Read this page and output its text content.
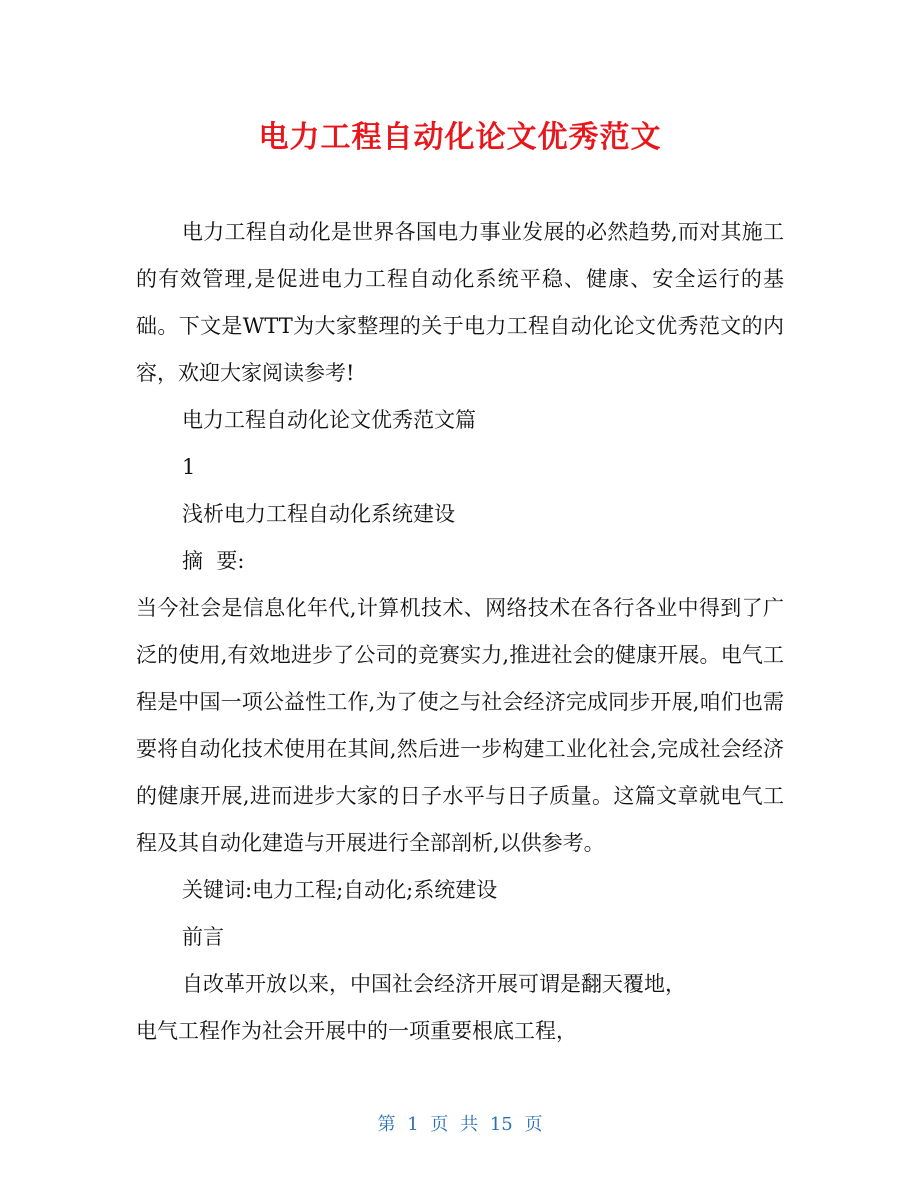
电力工程自动化论文优秀范文

电力工程自动化是世界各国电力事业发展的必然趋势,而对其施工的有效管理,是促进电力工程自动化系统平稳、健康、安全运行的基础。下文是WTT为大家整理的关于电力工程自动化论文优秀范文的内容，欢迎大家阅读参考!

电力工程自动化论文优秀范文篇

1

浅析电力工程自动化系统建设

摘  要:

当今社会是信息化年代,计算机技术、网络技术在各行各业中得到了广泛的使用,有效地进步了公司的竞赛实力,推进社会的健康开展。电气工程是中国一项公益性工作,为了使之与社会经济完成同步开展,咱们也需要将自动化技术使用在其间,然后进一步构建工业化社会,完成社会经济的健康开展,进而进步大家的日子水平与日子质量。这篇文章就电气工程及其自动化建造与开展进行全部剖析,以供参考。

关键词:电力工程;自动化;系统建设

前言

自改革开放以来，中国社会经济开展可谓是翻天覆地，

电气工程作为社会开展中的一项重要根底工程，

第 1 页 共 15 页
